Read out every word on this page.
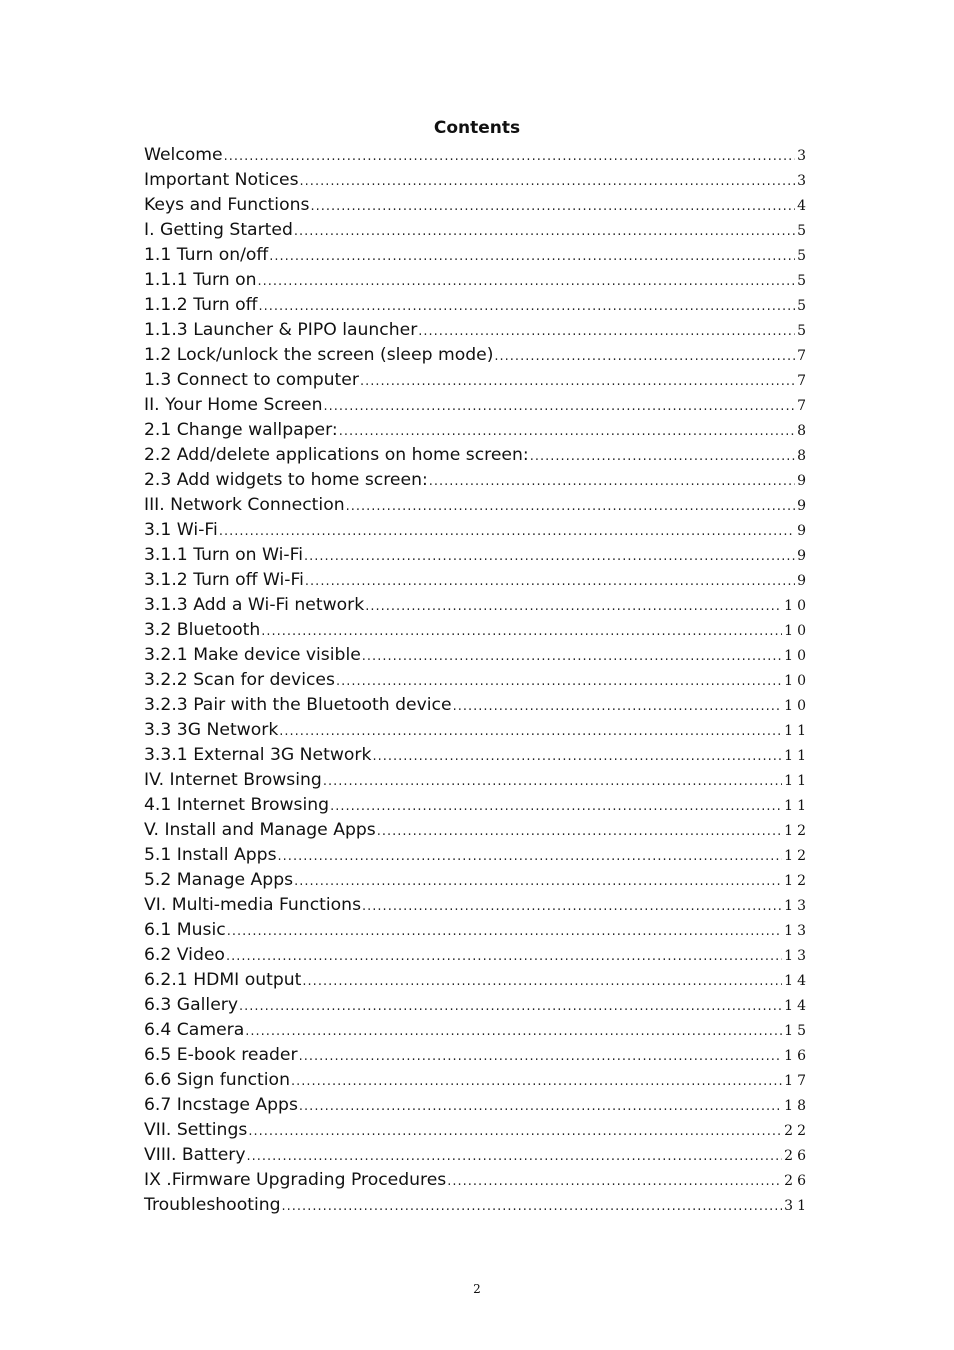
Contents
Welcome .....	3
Important Notices .....	3
Keys and Functions .....	4
I. Getting Started .....	5
1.1 Turn on/off .....	5
1.1.1 Turn on .....	5
1.1.2 Turn off .....	5
1.1.3 Launcher & PIPO launcher .....	5
1.2 Lock/unlock the screen (sleep mode) .....	7
1.3 Connect to computer .....	7
II. Your Home Screen .....	7
2.1 Change wallpaper: .....	8
2.2 Add/delete applications on home screen: .....	8
2.3 Add widgets to home screen: .....	9
III. Network Connection .....	9
3.1 Wi-Fi .....	9
3.1.1 Turn on Wi-Fi .....	9
3.1.2 Turn off Wi-Fi .....	9
3.1.3 Add a Wi-Fi network .....	10
3.2 Bluetooth .....	10
3.2.1 Make device visible .....	10
3.2.2 Scan for devices .....	10
3.2.3 Pair with the Bluetooth device .....	10
3.3 3G Network .....	11
3.3.1 External 3G Network .....	11
IV. Internet Browsing .....	11
4.1 Internet Browsing .....	11
V. Install and Manage Apps .....	12
5.1 Install Apps .....	12
5.2 Manage Apps .....	12
VI. Multi-media Functions .....	13
6.1 Music .....	13
6.2 Video .....	13
6.2.1 HDMI output .....	14
6.3 Gallery .....	14
6.4 Camera .....	15
6.5 E-book reader .....	16
6.6 Sign function .....	17
6.7 Incstage Apps .....	18
VII. Settings .....	22
VIII. Battery .....	26
IX .Firmware Upgrading Procedures .....	26
Troubleshooting .....	31
2
